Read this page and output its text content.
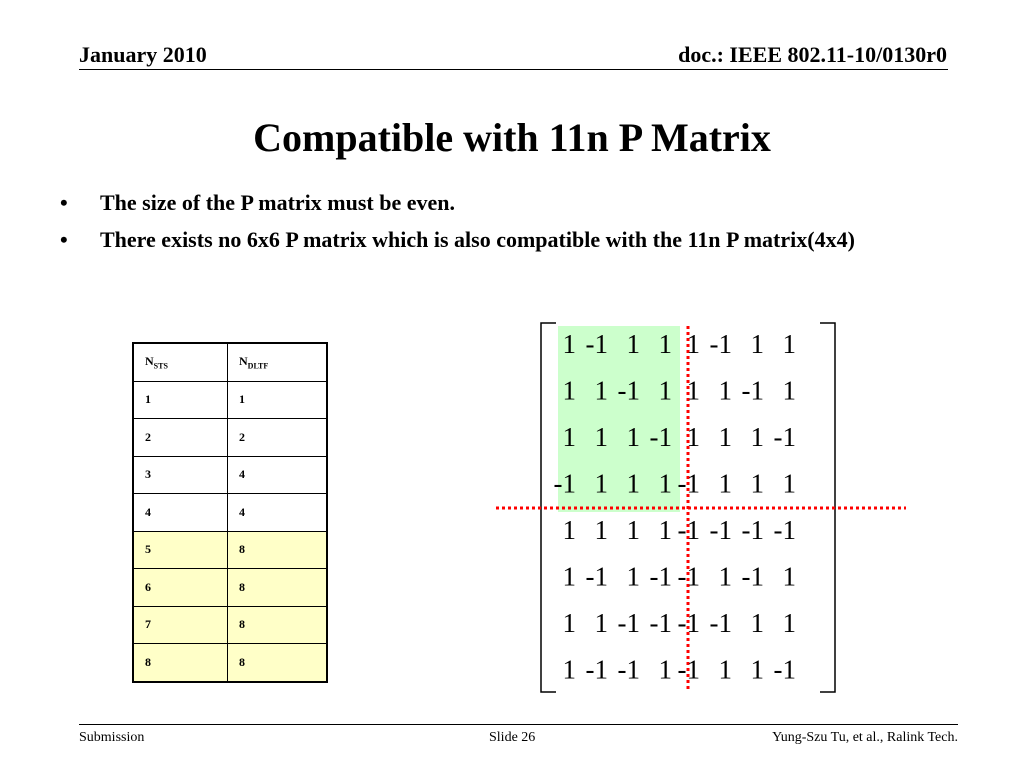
January 2010	doc.: IEEE 802.11-10/0130r0
Compatible with 11n P Matrix
• The size of the P matrix must be even.
• There exists no 6x6 P matrix which is also compatible with the 11n P matrix(4x4)
$N_{STS}$	$N_{DLTF}$
1	1
2	2
3	4
4	4
5	8
6	8
7	8
8	8
1 -1 1 1 1 -1 1 1
1 1 -1 1 1 1 -1 1
1 1 1 -1 1 1 1 -1
-1 1 1 1 -1 1 1 1
1 1 1 1 -1 -1 -1 -1
1 -1 1 -1 -1 1 -1 1
1 1 -1 -1 -1 -1 1 1
1 -1 -1 1 -1 1 1 -1
Submission	Slide 26	Yung-Szu Tu, et al., Ralink Tech.
